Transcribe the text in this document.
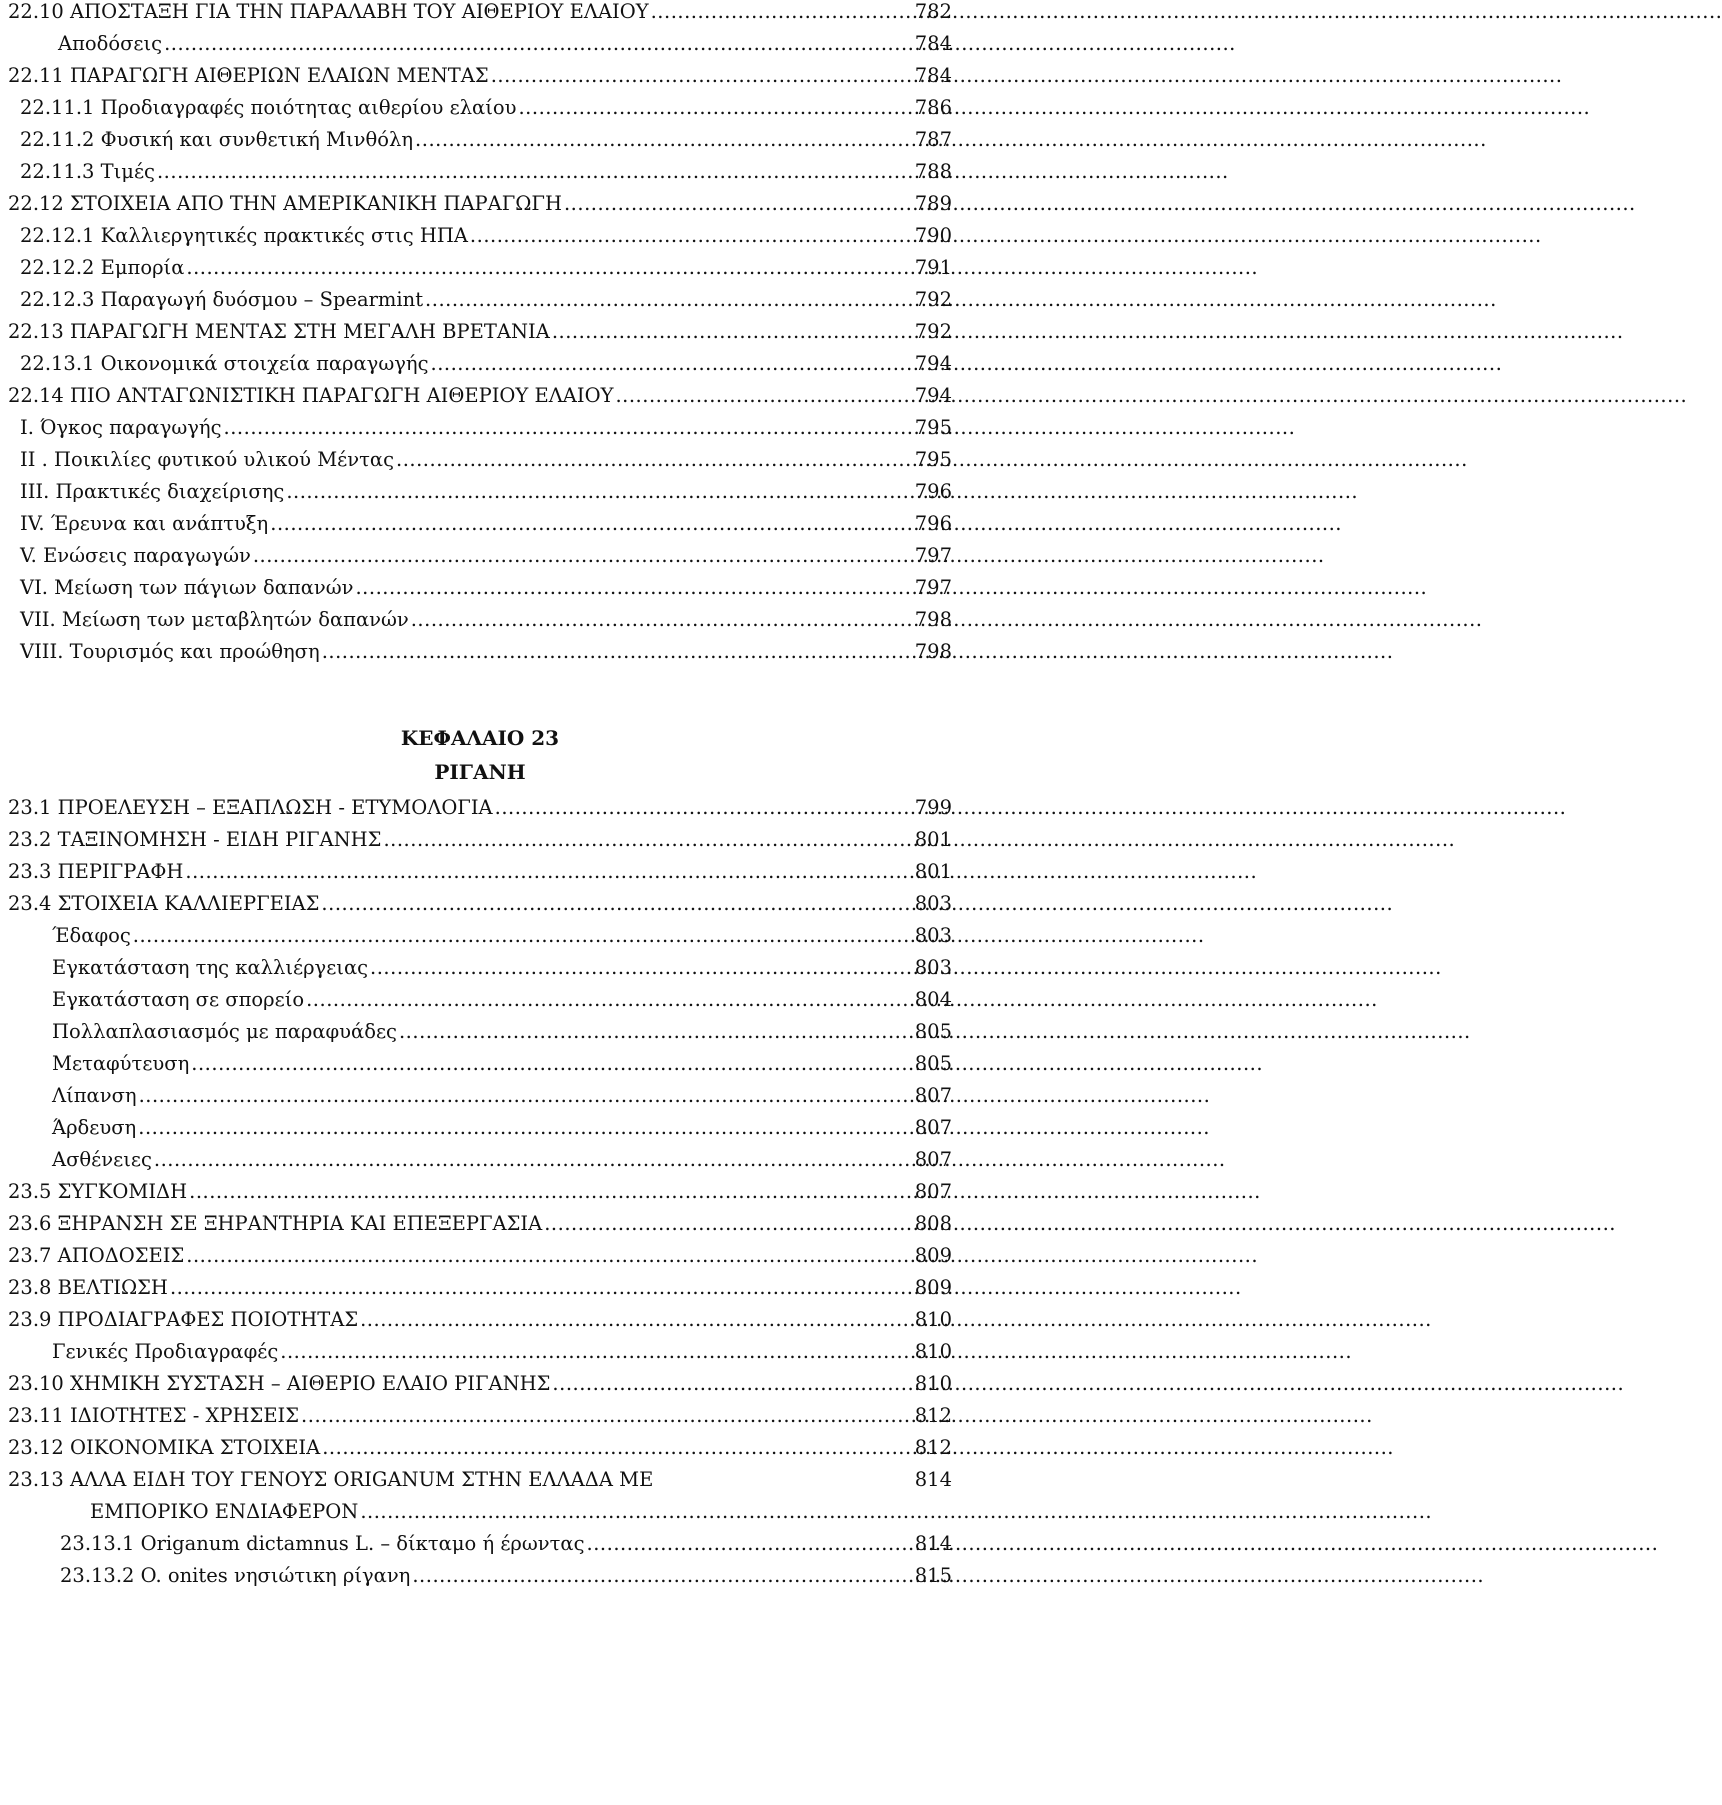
22.10 ΑΠΟΣΤΑΞΗ ΓΙΑ ΤΗΝ ΠΑΡΑΛΑΒΗ ΤΟΥ ΑΙΘΕΡΙΟΥ ΕΛΑΙΟΥ .....	782
Αποδόσεις .....	784
22.11 ΠΑΡΑΓΩΓΗ ΑΙΘΕΡΙΩΝ ΕΛΑΙΩΝ ΜΕΝΤΑΣ .....	784
22.11.1 Προδιαγραφές ποιότητας αιθερίου ελαίου .....	786
22.11.2 Φυσική και συνθετική Μινθόλη .....	787
22.11.3 Τιμές .....	788
22.12 ΣΤΟΙΧΕΙΑ ΑΠΟ ΤΗΝ ΑΜΕΡΙΚΑΝΙΚΗ ΠΑΡΑΓΩΓΗ .....	789
22.12.1 Καλλιεργητικές πρακτικές στις ΗΠΑ .....	790
22.12.2 Εμπορία .....	791
22.12.3 Παραγωγή δυόσμου – Spearmint .....	792
22.13 ΠΑΡΑΓΩΓΗ ΜΕΝΤΑΣ ΣΤΗ ΜΕΓΑΛΗ ΒΡΕΤΑΝΙΑ .....	792
22.13.1 Οικονομικά στοιχεία παραγωγής .....	794
22.14 ΠΙΟ ΑΝΤΑΓΩΝΙΣΤΙΚΗ ΠΑΡΑΓΩΓΗ ΑΙΘΕΡΙΟΥ ΕΛΑΙΟΥ .....	794
I. Όγκος παραγωγής .....	795
II . Ποικιλίες φυτικού υλικού Μέντας .....	795
III. Πρακτικές διαχείρισης .....	796
IV. Έρευνα και ανάπτυξη .....	796
V. Ενώσεις παραγωγών .....	797
VI. Μείωση των πάγιων δαπανών .....	797
VII. Μείωση των μεταβλητών δαπανών .....	798
VIII. Τουρισμός και προώθηση .....	798
ΚΕΦΑΛΑΙΟ 23
ΡΙΓΑΝΗ
23.1 ΠΡΟΕΛΕΥΣΗ – ΕΞΑΠΛΩΣΗ - ΕΤΥΜΟΛΟΓΙΑ .....	799
23.2 ΤΑΞΙΝΟΜΗΣΗ - ΕΙΔΗ ΡΙΓΑΝΗΣ .....	801
23.3 ΠΕΡΙΓΡΑΦΗ .....	801
23.4 ΣΤΟΙΧΕΙΑ ΚΑΛΛΙΕΡΓΕΙΑΣ .....	803
Έδαφος .....	803
Εγκατάσταση της καλλιέργειας .....	803
Εγκατάσταση σε σπορείο .....	804
Πολλαπλασιασμός με παραφυάδες .....	805
Μεταφύτευση .....	805
Λίπανση .....	807
Άρδευση .....	807
Ασθένειες .....	807
23.5 ΣΥΓΚΟΜΙΔΗ .....	807
23.6 ΞΗΡΑΝΣΗ ΣΕ ΞΗΡΑΝΤΗΡΙΑ ΚΑΙ ΕΠΕΞΕΡΓΑΣΙΑ .....	808
23.7 ΑΠΟΔΟΣΕΙΣ .....	809
23.8 ΒΕΛΤΙΩΣΗ .....	809
23.9 ΠΡΟΔΙΑΓΡΑΦΕΣ ΠΟΙΟΤΗΤΑΣ .....	810
Γενικές Προδιαγραφές .....	810
23.10 ΧΗΜΙΚΗ ΣΥΣΤΑΣΗ – ΑΙΘΕΡΙΟ ΕΛΑΙΟ ΡΙΓΑΝΗΣ .....	810
23.11 ΙΔΙΟΤΗΤΕΣ - ΧΡΗΣΕΙΣ .....	812
23.12 ΟΙΚΟΝΟΜΙΚΑ ΣΤΟΙΧΕΙΑ .....	812
23.13 ΑΛΛΑ ΕΙΔΗ ΤΟΥ ΓΕΝΟΥΣ ORIGANUM ΣΤΗΝ ΕΛΛΑΔΑ ΜΕ	814
ΕΜΠΟΡΙΚΟ ΕΝΔΙΑΦΕΡΟΝ
.....
23.13.1 Origanum dictamnus L. – δίκταμο ή έρωντας .....	814
23.13.2 O. onites νησιώτικη ρίγανη .....	815
